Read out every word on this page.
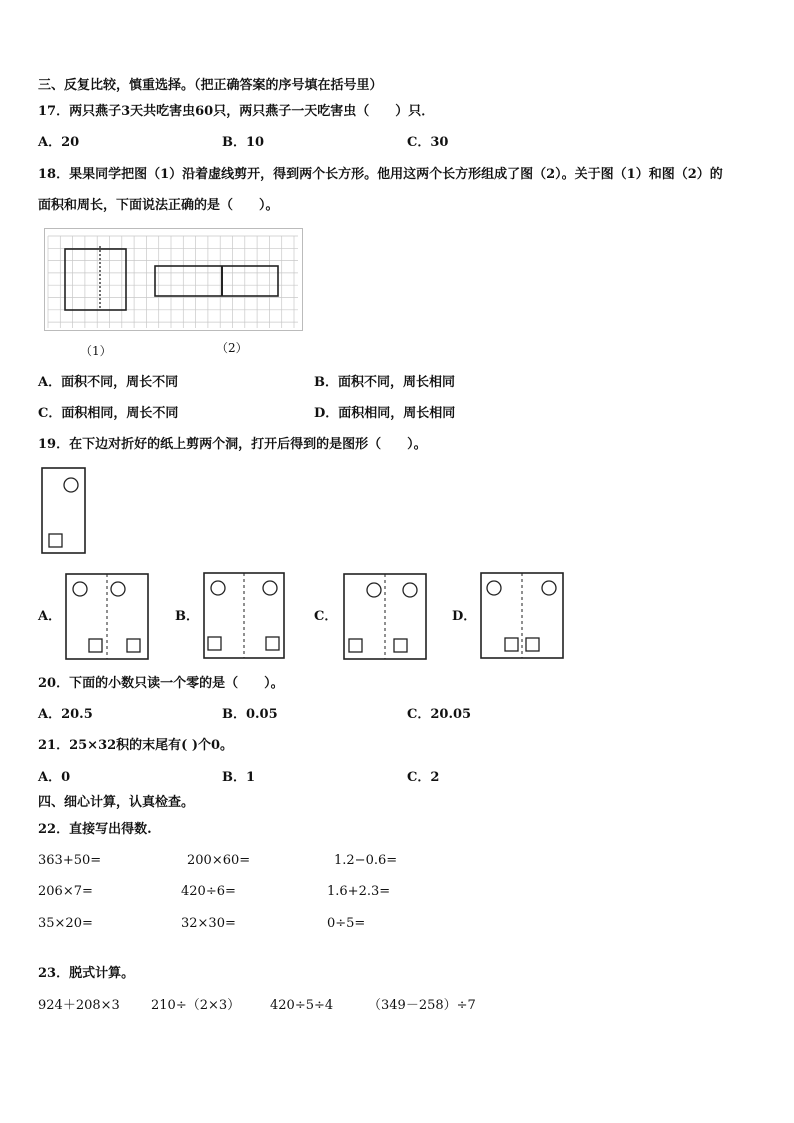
三、反复比较，慎重选择。（把正确答案的序号填在括号里）
17．两只燕子3天共吃害虫60只，两只燕子一天吃害虫（　　）只．
A．20	B．10	C．30
18．果果同学把图（1）沿着虚线剪开，得到两个长方形。他用这两个长方形组成了图（2）。关于图（1）和图（2）的
面积和周长，下面说法正确的是（　　）。
（1）	（2）
A．面积不同，周长不同	B．面积不同，周长相同
C．面积相同，周长不同	D．面积相同，周长相同
19．在下边对折好的纸上剪两个洞，打开后得到的是图形（　　）。
A．	B．	C．	D．
20．下面的小数只读一个零的是（　　）。
A．20.5	B．0.05	C．20.05
21．25×32积的末尾有( )个0。
A．0	B．1	C．2
四、细心计算，认真检查。
22．直接写出得数.
363+50=	200×60=	1.2−0.6=
206×7=	420÷6=	1.6+2.3=
35×20=	32×30=	0÷5=
23．脱式计算。
924＋208×3 210÷（2×3） 420÷5÷4	（349－258）÷7
